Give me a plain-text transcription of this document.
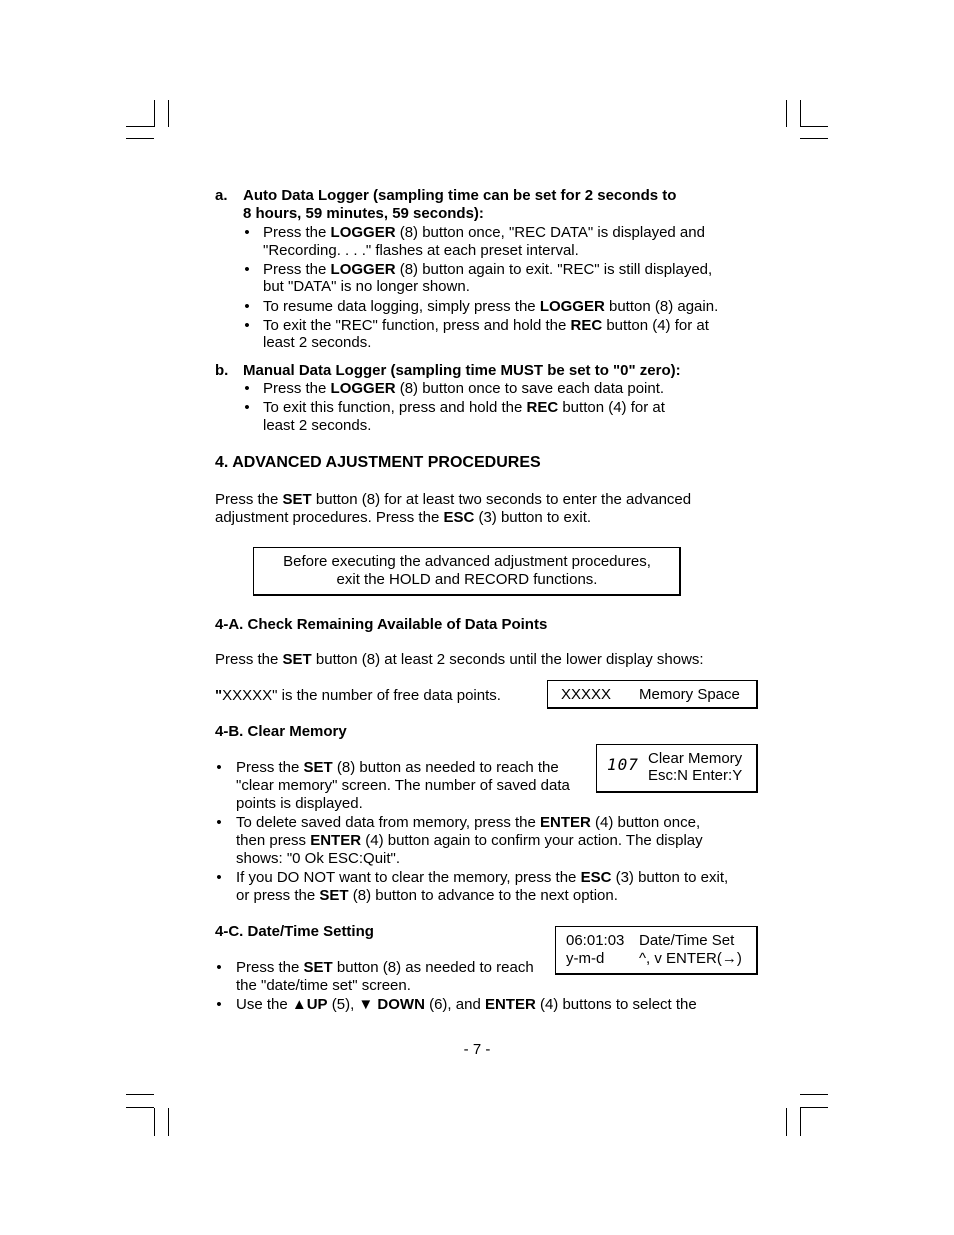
a. Auto Data Logger (sampling time can be set for 2 seconds to
8 hours, 59 minutes, 59 seconds):
• Press the LOGGER (8) button once, "REC DATA" is displayed and
"Recording. . . ." flashes at each preset interval.
• Press the LOGGER (8) button again to exit. "REC" is still displayed,
but "DATA" is no longer shown.
• To resume data logging, simply press the LOGGER button (8) again.
• To exit the "REC" function, press and hold the REC button (4) for at
least 2 seconds.
b. Manual Data Logger (sampling time MUST be set to "0" zero):
• Press the LOGGER (8) button once to save each data point.
• To exit this function, press and hold the REC button (4) for at
least 2 seconds.
4. ADVANCED AJUSTMENT PROCEDURES
Press the SET button (8) for at least two seconds to enter the advanced
adjustment procedures. Press the ESC (3) button to exit.
Before executing the advanced adjustment procedures,
exit the HOLD and RECORD functions.
4-A. Check Remaining Available of Data Points
Press the SET button (8) at least 2 seconds until the lower display shows:
"XXXXX" is the number of free data points.	XXXXX Memory Space
4-B. Clear Memory
107 Clear Memory
Esc:N Enter:Y
• Press the SET (8) button as needed to reach the
"clear memory" screen. The number of saved data
points is displayed.
• To delete saved data from memory, press the ENTER (4) button once,
then press ENTER (4) button again to confirm your action. The display
shows: "0 Ok ESC:Quit".
• If you DO NOT want to clear the memory, press the ESC (3) button to exit,
or press the SET (8) button to advance to the next option.
4-C. Date/Time Setting
06:01:03 Date/Time Set
y-m-d ^, v ENTER(→)
• Press the SET button (8) as needed to reach
the "date/time set" screen.
• Use the ▲UP (5), ▼ DOWN (6), and ENTER (4) buttons to select the
- 7 -
